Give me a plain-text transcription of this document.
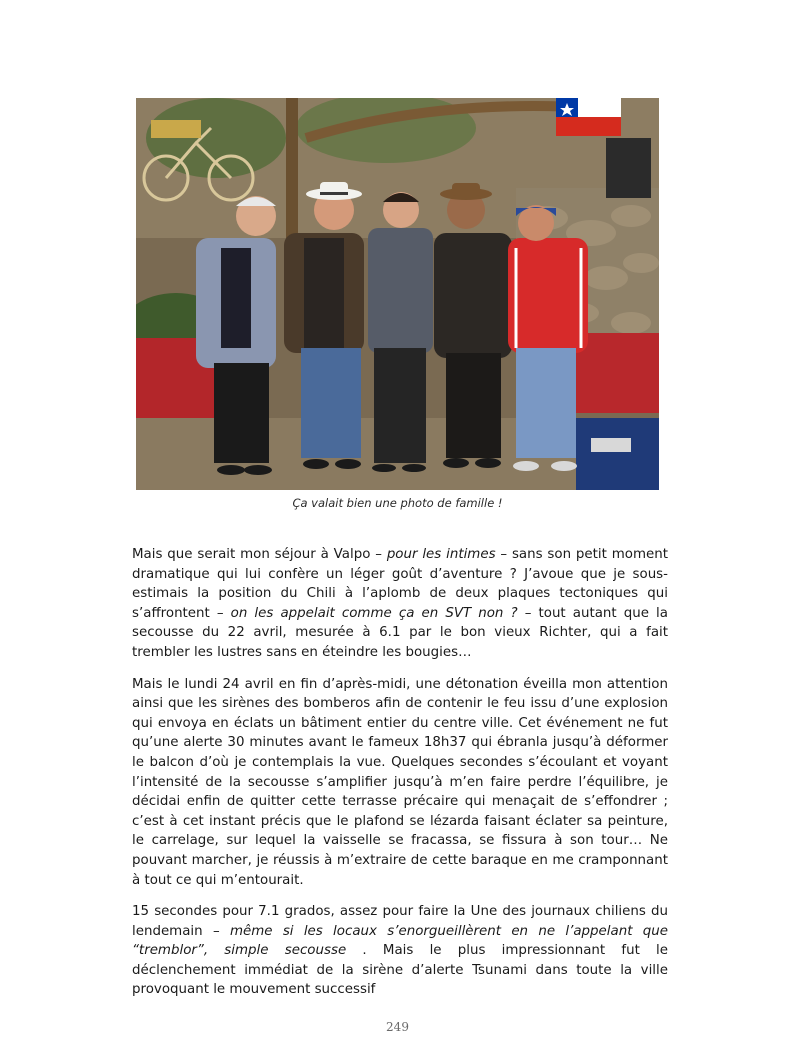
Ça valait bien une photo de famille !

Mais que serait mon séjour à Valpo – pour les intimes – sans son petit moment dramatique qui lui confère un léger goût d’aventure ? J’avoue que je sous-estimais la position du Chili à l’aplomb de deux plaques tectoniques qui s’affrontent – on les appelait comme ça en SVT non ? – tout autant que la secousse du 22 avril, mesurée à 6.1 par le bon vieux Richter, qui a fait trembler les lustres sans en éteindre les bougies…

Mais le lundi 24 avril en fin d’après-midi, une détonation éveilla mon attention ainsi que les sirènes des bomberos afin de contenir le feu issu d’une explosion qui envoya en éclats un bâtiment entier du centre ville. Cet événement ne fut qu’une alerte 30 minutes avant le fameux 18h37 qui ébranla jusqu’à déformer le balcon d’où je contemplais la vue. Quelques secondes s’écoulant et voyant l’intensité de la secousse s’amplifier jusqu’à m’en faire perdre l’équilibre, je décidai enfin de quitter cette terrasse précaire qui menaçait de s’effondrer ; c’est à cet instant précis que le plafond se lézarda faisant éclater sa peinture, le carrelage, sur lequel la vaisselle se fracassa, se fissura à son tour… Ne pouvant marcher, je réussis à m’extraire de cette baraque en me cramponnant à tout ce qui m’entourait.

15 secondes pour 7.1 grados, assez pour faire la Une des journaux chiliens du lendemain – même si les locaux s’enorgueillèrent en ne l’appelant que “tremblor”, simple secousse . Mais le plus impressionnant fut le déclenchement immédiat de la sirène d’alerte Tsunami dans toute la ville provoquant le mouvement successif

249
